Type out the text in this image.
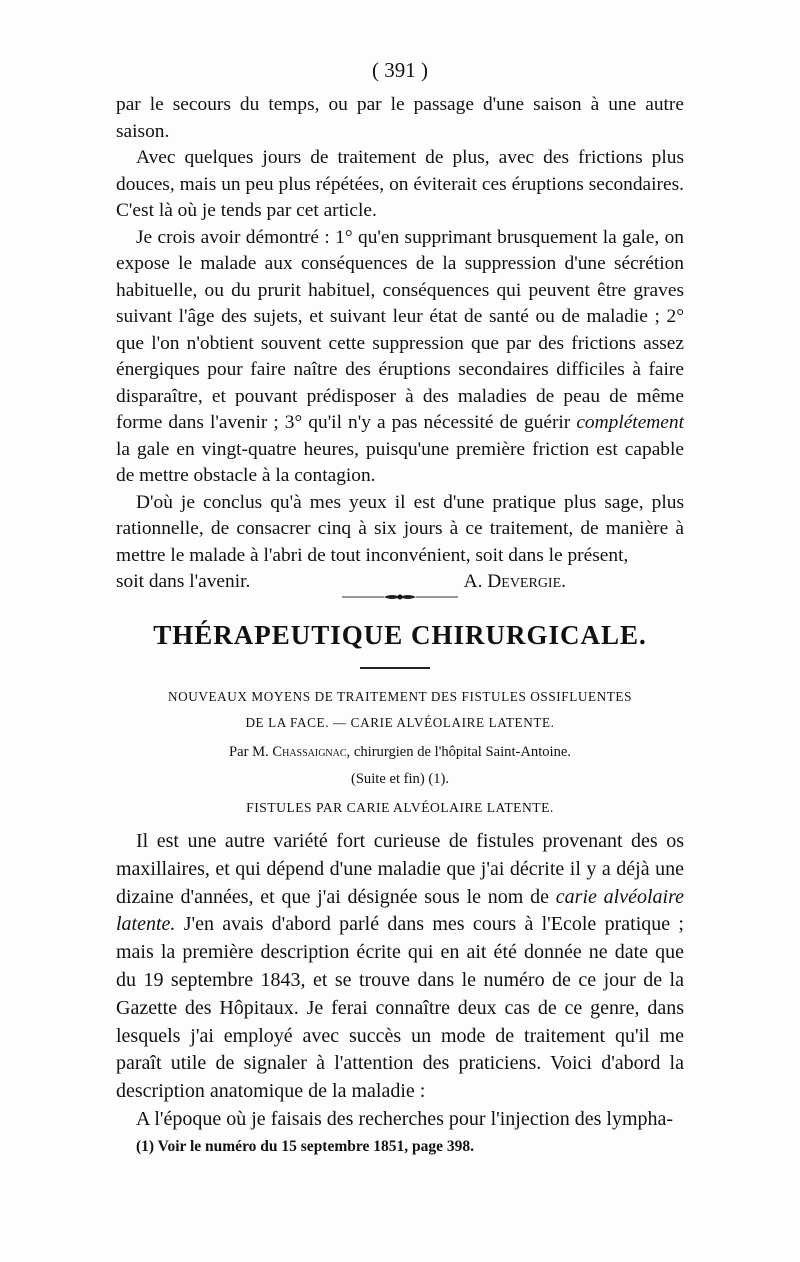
( 391 )

par le secours du temps, ou par le passage d'une saison à une autre saison.

Avec quelques jours de traitement de plus, avec des frictions plus douces, mais un peu plus répétées, on éviterait ces éruptions secondaires. C'est là où je tends par cet article.

Je crois avoir démontré : 1° qu'en supprimant brusquement la gale, on expose le malade aux conséquences de la suppression d'une sécrétion habituelle, ou du prurit habituel, conséquences qui peuvent être graves suivant l'âge des sujets, et suivant leur état de santé ou de maladie ; 2° que l'on n'obtient souvent cette suppression que par des frictions assez énergiques pour faire naître des éruptions secondaires difficiles à faire disparaître, et pouvant prédisposer à des maladies de peau de même forme dans l'avenir ; 3° qu'il n'y a pas nécessité de guérir complétement la gale en vingt-quatre heures, puisqu'une première friction est capable de mettre obstacle à la contagion.

D'où je conclus qu'à mes yeux il est d'une pratique plus sage, plus rationnelle, de consacrer cinq à six jours à ce traitement, de manière à mettre le malade à l'abri de tout inconvénient, soit dans le présent,

soit dans l'avenir.	A. Devergie.
THÉRAPEUTIQUE CHIRURGICALE.
NOUVEAUX MOYENS DE TRAITEMENT DES FISTULES OSSIFLUENTES
DE LA FACE. — CARIE ALVÉOLAIRE LATENTE.
Par M. Chassaignac, chirurgien de l'hôpital Saint-Antoine.
(Suite et fin) (1).
FISTULES PAR CARIE ALVÉOLAIRE LATENTE.

Il est une autre variété fort curieuse de fistules provenant des os maxillaires, et qui dépend d'une maladie que j'ai décrite il y a déjà une dizaine d'années, et que j'ai désignée sous le nom de carie alvéolaire latente. J'en avais d'abord parlé dans mes cours à l'Ecole pratique ; mais la première description écrite qui en ait été donnée ne date que du 19 septembre 1843, et se trouve dans le numéro de ce jour de la Gazette des Hôpitaux. Je ferai connaître deux cas de ce genre, dans lesquels j'ai employé avec succès un mode de traitement qu'il me paraît utile de signaler à l'attention des praticiens. Voici d'abord la description anatomique de la maladie :

A l'époque où je faisais des recherches pour l'injection des lympha-

(1) Voir le numéro du 15 septembre 1851, page 398.
